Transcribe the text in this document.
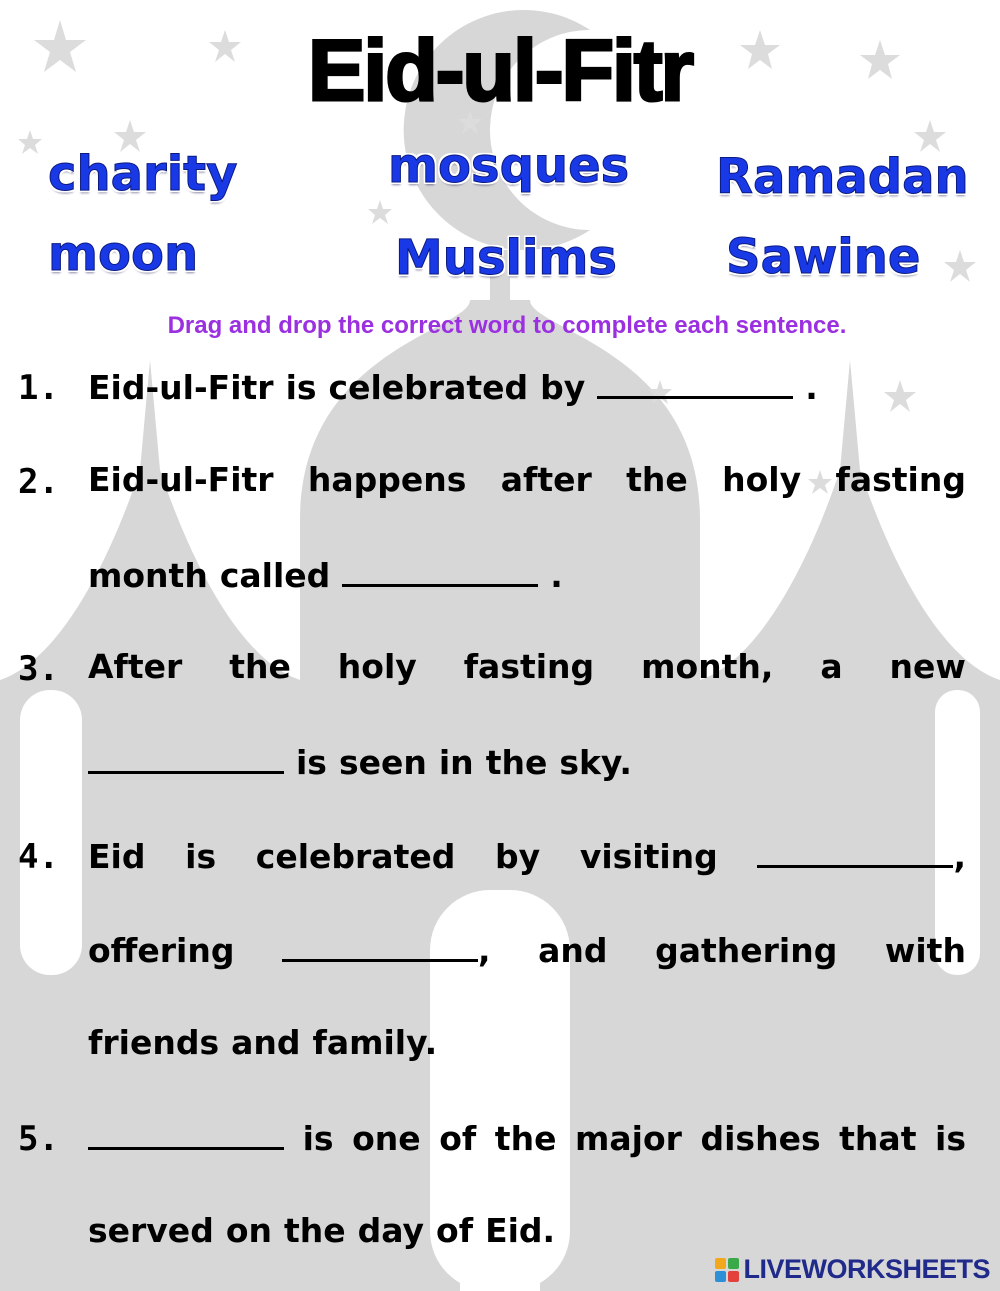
Eid-ul-Fitr
charity	mosques Ramadan
moon	Muslims Sawine
Drag and drop the correct word to complete each sentence.
1. Eid-ul-Fitr is celebrated by	.
2. Eid-ul-Fitr happens after the holy fasting
month called	.
3. After the holy fasting month, a new
is seen in the sky.
4. Eid is celebrated by visiting	,
offering	, and gathering with
friends and family.
5.	is one of the major dishes that is
served on the day of Eid.
LIVEWORKSHEETS
